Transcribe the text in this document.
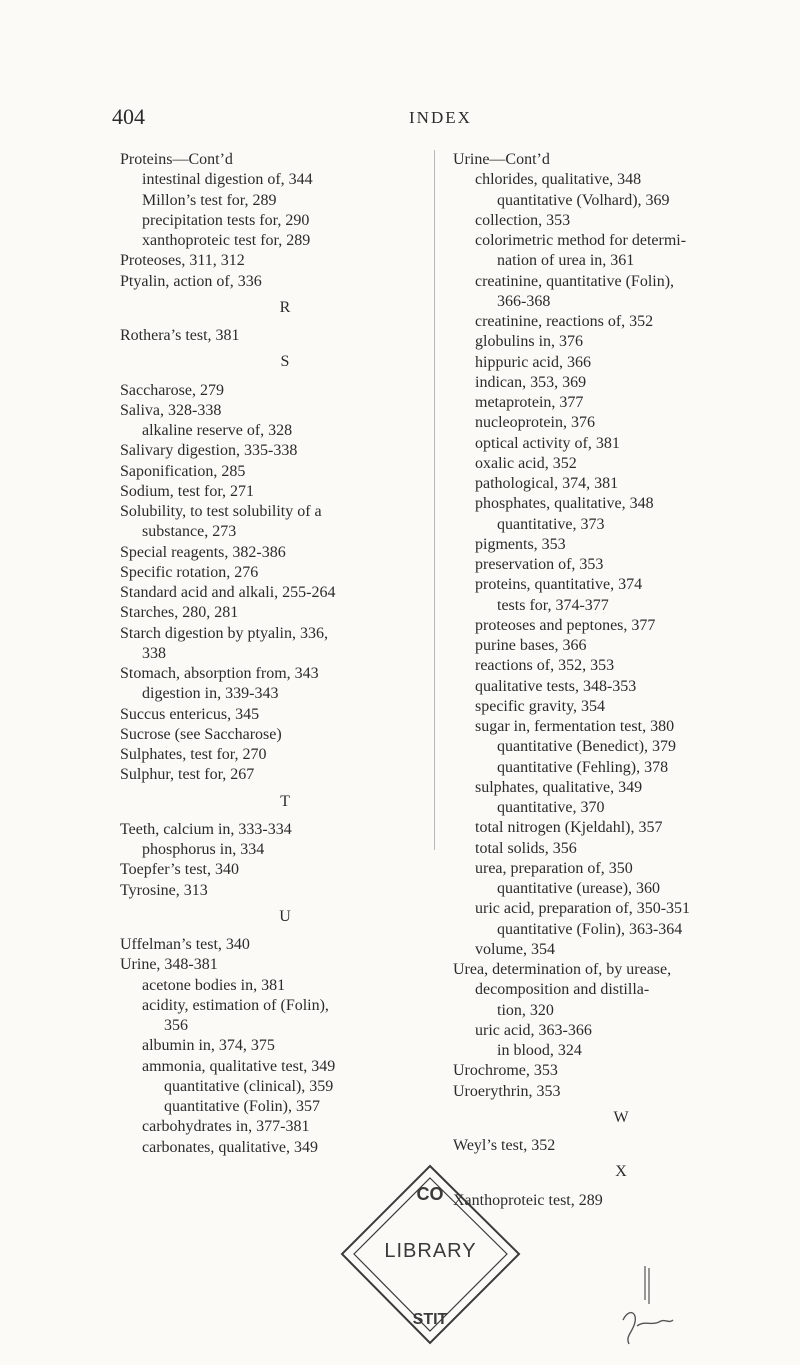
404	INDEX
Proteins—Cont’d
intestinal digestion of, 344
Millon’s test for, 289
precipitation tests for, 290
xanthoproteic test for, 289
Proteoses, 311, 312
Ptyalin, action of, 336
R
Rothera’s test, 381
S
Saccharose, 279
Saliva, 328-338
alkaline reserve of, 328
Salivary digestion, 335-338
Saponification, 285
Sodium, test for, 271
Solubility, to test solubility of a
substance, 273
Special reagents, 382-386
Specific rotation, 276
Standard acid and alkali, 255-264
Starches, 280, 281
Starch digestion by ptyalin, 336,
338
Stomach, absorption from, 343
digestion in, 339-343
Succus entericus, 345
Sucrose (see Saccharose)
Sulphates, test for, 270
Sulphur, test for, 267
T
Teeth, calcium in, 333-334
phosphorus in, 334
Toepfer’s test, 340
Tyrosine, 313
U
Uffelman’s test, 340
Urine, 348-381
acetone bodies in, 381
acidity, estimation of (Folin),
356
albumin in, 374, 375
ammonia, qualitative test, 349
quantitative (clinical), 359
quantitative (Folin), 357
carbohydrates in, 377-381
carbonates, qualitative, 349
Urine—Cont’d
chlorides, qualitative, 348
quantitative (Volhard), 369
collection, 353
colorimetric method for determi-
nation of urea in, 361
creatinine, quantitative (Folin),
366-368
creatinine, reactions of, 352
globulins in, 376
hippuric acid, 366
indican, 353, 369
metaprotein, 377
nucleoprotein, 376
optical activity of, 381
oxalic acid, 352
pathological, 374, 381
phosphates, qualitative, 348
quantitative, 373
pigments, 353
preservation of, 353
proteins, quantitative, 374
tests for, 374-377
proteoses and peptones, 377
purine bases, 366
reactions of, 352, 353
qualitative tests, 348-353
specific gravity, 354
sugar in, fermentation test, 380
quantitative (Benedict), 379
quantitative (Fehling), 378
sulphates, qualitative, 349
quantitative, 370
total nitrogen (Kjeldahl), 357
total solids, 356
urea, preparation of, 350
quantitative (urease), 360
uric acid, preparation of, 350-351
quantitative (Folin), 363-364
volume, 354
Urea, determination of, by urease,
decomposition and distilla-
tion, 320
uric acid, 363-366
in blood, 324
Urochrome, 353
Uroerythrin, 353
W
Weyl’s test, 352
X
Xanthoproteic test, 289
CO
STIT
LIBRARY
